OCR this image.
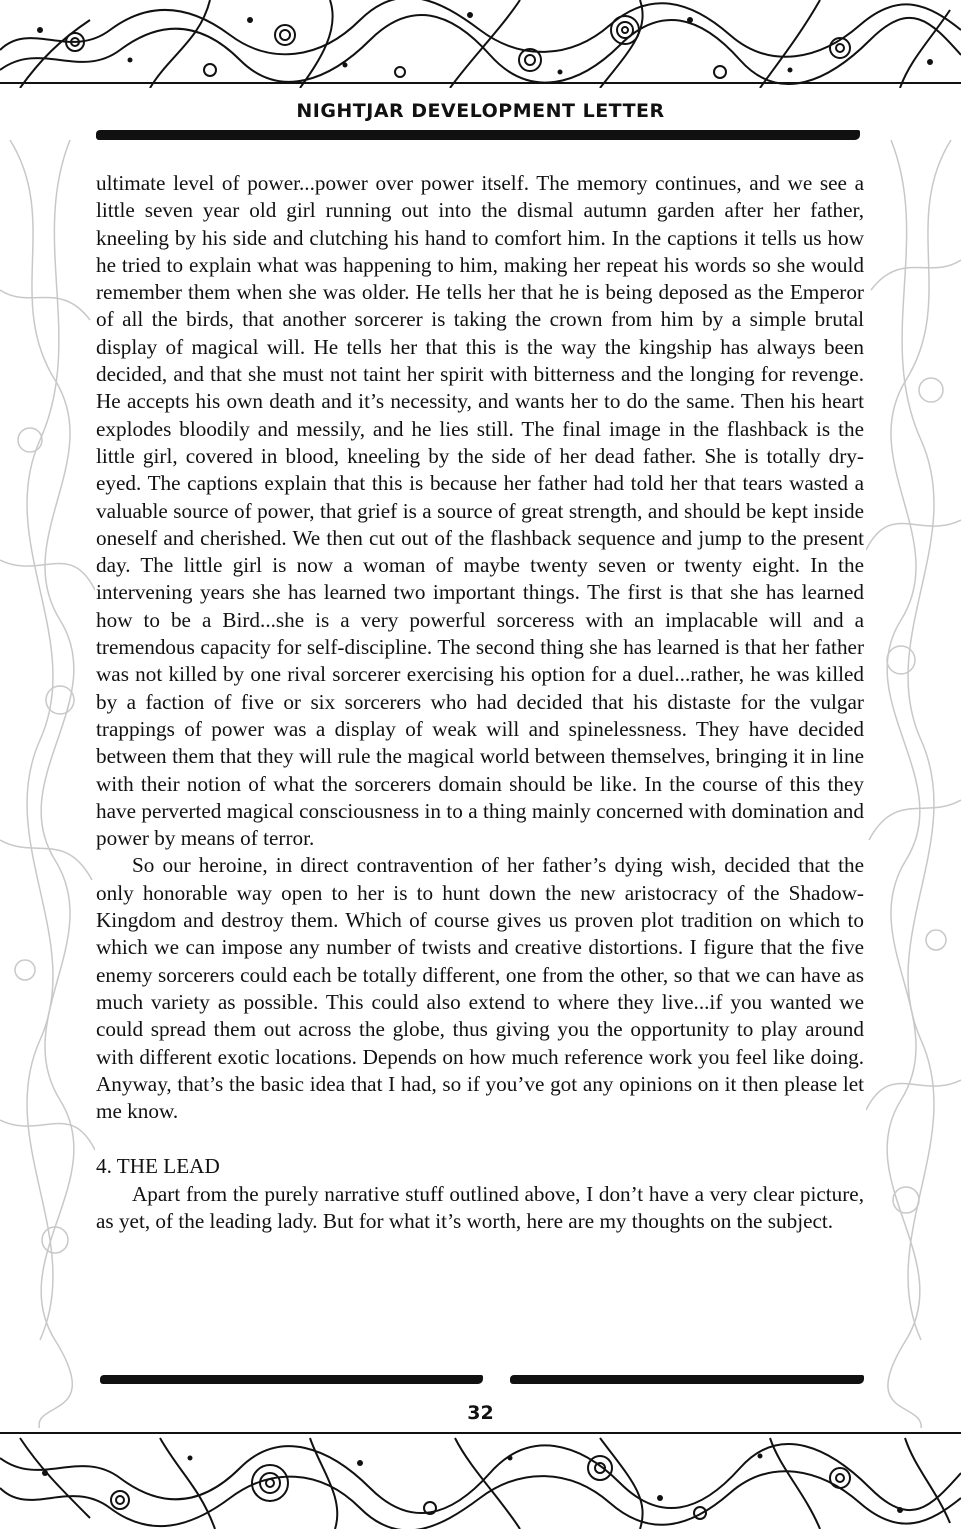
NIGHTJAR DEVELOPMENT LETTER

ultimate level of power...power over power itself. The memory continues, and we see a little seven year old girl running out into the dismal autumn garden after her father, kneeling by his side and clutching his hand to comfort him. In the captions it tells us how he tried to explain what was happening to him, making her repeat his words so she would remember them when she was older. He tells her that he is being deposed as the Emperor of all the birds, that another sorcerer is taking the crown from him by a simple brutal display of magical will. He tells her that this is the way the kingship has always been decided, and that she must not taint her spirit with bitterness and the longing for revenge. He accepts his own death and it’s necessity, and wants her to do the same. Then his heart explodes bloodily and messily, and he lies still. The final image in the flashback is the little girl, covered in blood, kneeling by the side of her dead father. She is totally dry-eyed. The captions explain that this is because her father had told her that tears wasted a valuable source of power, that grief is a source of great strength, and should be kept inside oneself and cherished. We then cut out of the flashback sequence and jump to the present day. The little girl is now a woman of maybe twenty seven or twenty eight. In the intervening years she has learned two important things. The first is that she has learned how to be a Bird...she is a very powerful sorceress with an implacable will and a tremendous capacity for self-discipline. The second thing she has learned is that her father was not killed by one rival sorcerer exercising his option for a duel...rather, he was killed by a faction of five or six sorcerers who had decided that his distaste for the vulgar trappings of power was a display of weak will and spinelessness. They have decided between them that they will rule the magical world between themselves, bringing it in line with their notion of what the sorcerers domain should be like. In the course of this they have perverted magical consciousness in to a thing mainly concerned with domination and power by means of terror.

So our heroine, in direct contravention of her father’s dying wish, decided that the only honorable way open to her is to hunt down the new aristocracy of the Shadow-Kingdom and destroy them. Which of course gives us proven plot tradition on which to which we can impose any number of twists and creative distortions. I figure that the five enemy sorcerers could each be totally different, one from the other, so that we can have as much variety as possible. This could also extend to where they live...if you wanted we could spread them out across the globe, thus giving you the opportunity to play around with different exotic locations. Depends on how much reference work you feel like doing. Anyway, that’s the basic idea that I had, so if you’ve got any opinions on it then please let me know.

4. THE LEAD

Apart from the purely narrative stuff outlined above, I don’t have a very clear picture, as yet, of the leading lady. But for what it’s worth, here are my thoughts on the subject.

32
